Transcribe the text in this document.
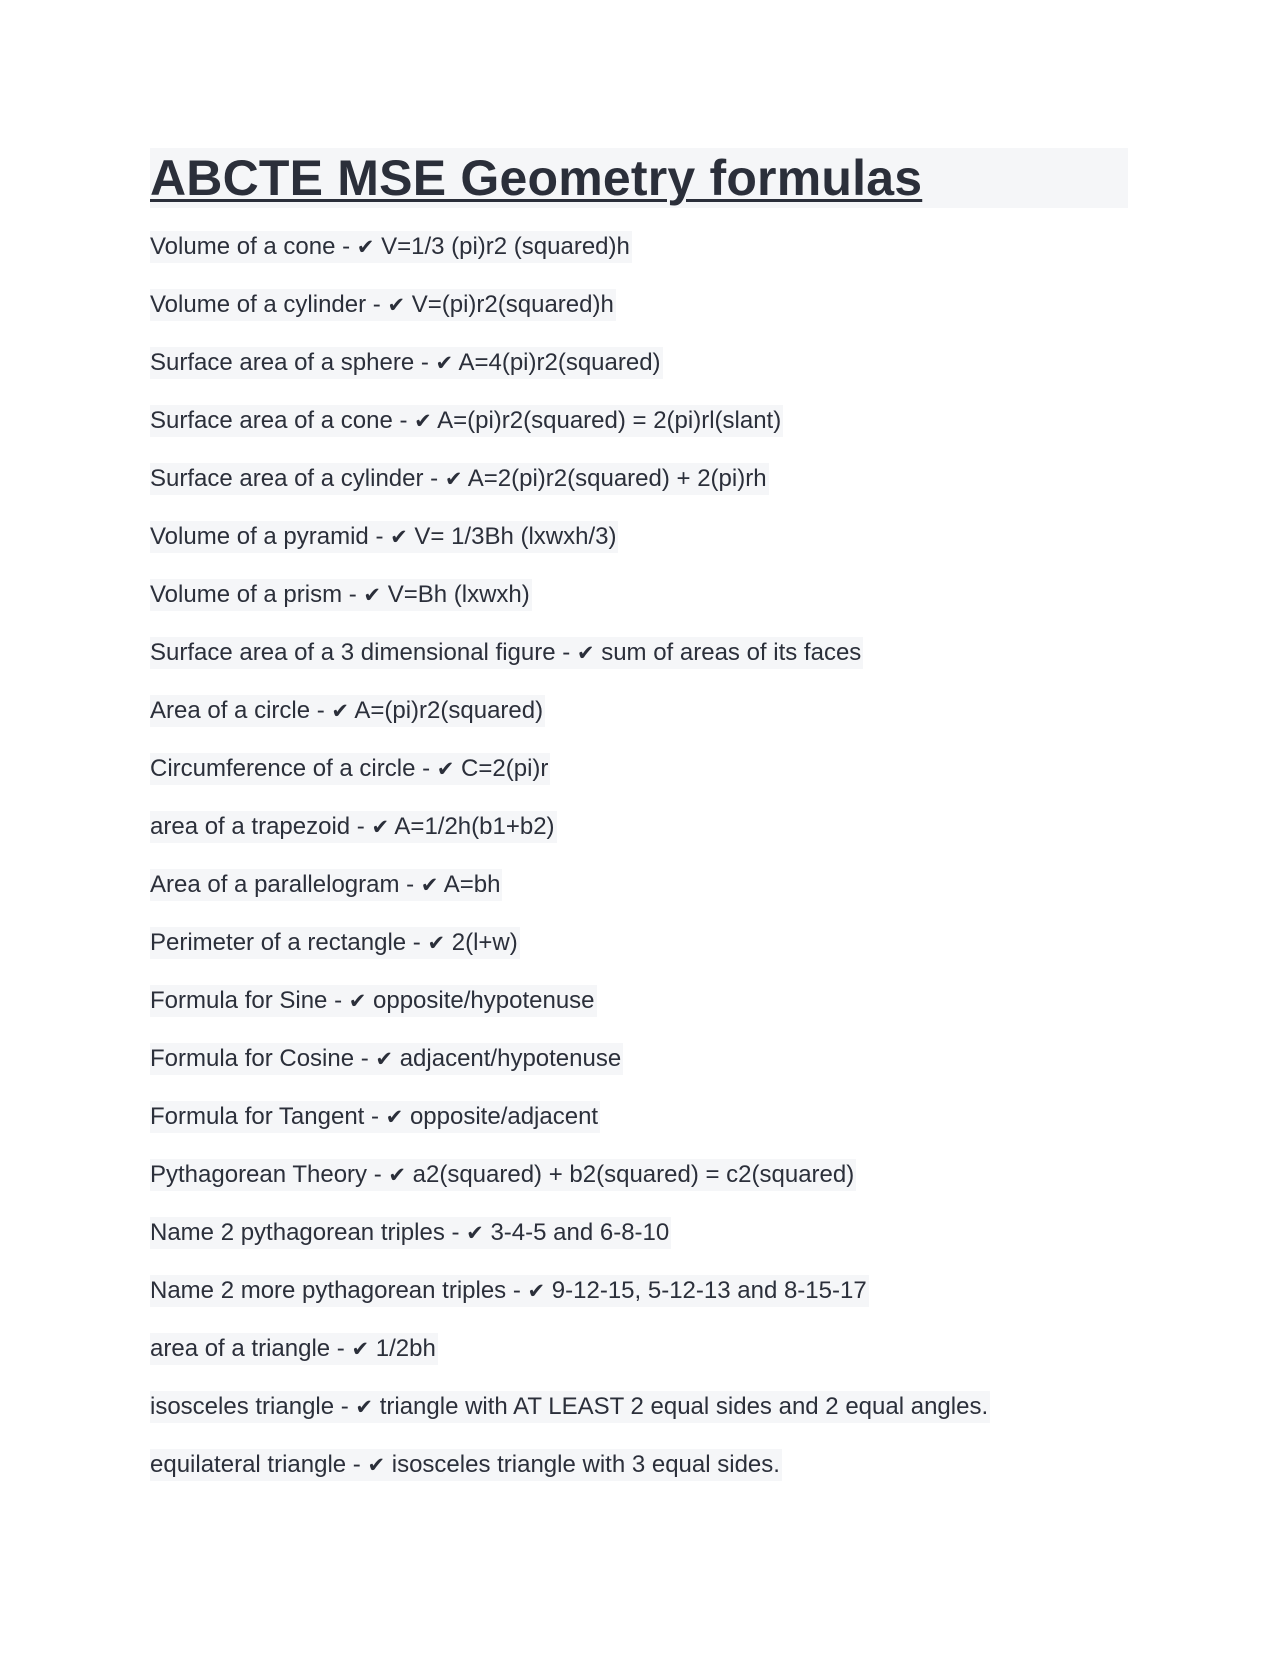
ABCTE MSE Geometry formulas
Volume of a cone - ✔ V=1/3 (pi)r2 (squared)h
Volume of a cylinder - ✔ V=(pi)r2(squared)h
Surface area of a sphere - ✔ A=4(pi)r2(squared)
Surface area of a cone - ✔ A=(pi)r2(squared) = 2(pi)rl(slant)
Surface area of a cylinder - ✔ A=2(pi)r2(squared) + 2(pi)rh
Volume of a pyramid - ✔ V= 1/3Bh (lxwxh/3)
Volume of a prism - ✔ V=Bh (lxwxh)
Surface area of a 3 dimensional figure - ✔ sum of areas of its faces
Area of a circle - ✔ A=(pi)r2(squared)
Circumference of a circle - ✔ C=2(pi)r
area of a trapezoid - ✔ A=1/2h(b1+b2)
Area of a parallelogram - ✔ A=bh
Perimeter of a rectangle - ✔ 2(l+w)
Formula for Sine - ✔ opposite/hypotenuse
Formula for Cosine - ✔ adjacent/hypotenuse
Formula for Tangent - ✔ opposite/adjacent
Pythagorean Theory - ✔ a2(squared) + b2(squared) = c2(squared)
Name 2 pythagorean triples - ✔ 3-4-5 and 6-8-10
Name 2 more pythagorean triples - ✔ 9-12-15, 5-12-13 and 8-15-17
area of a triangle - ✔ 1/2bh
isosceles triangle - ✔ triangle with AT LEAST 2 equal sides and 2 equal angles.
equilateral triangle - ✔ isosceles triangle with 3 equal sides.
